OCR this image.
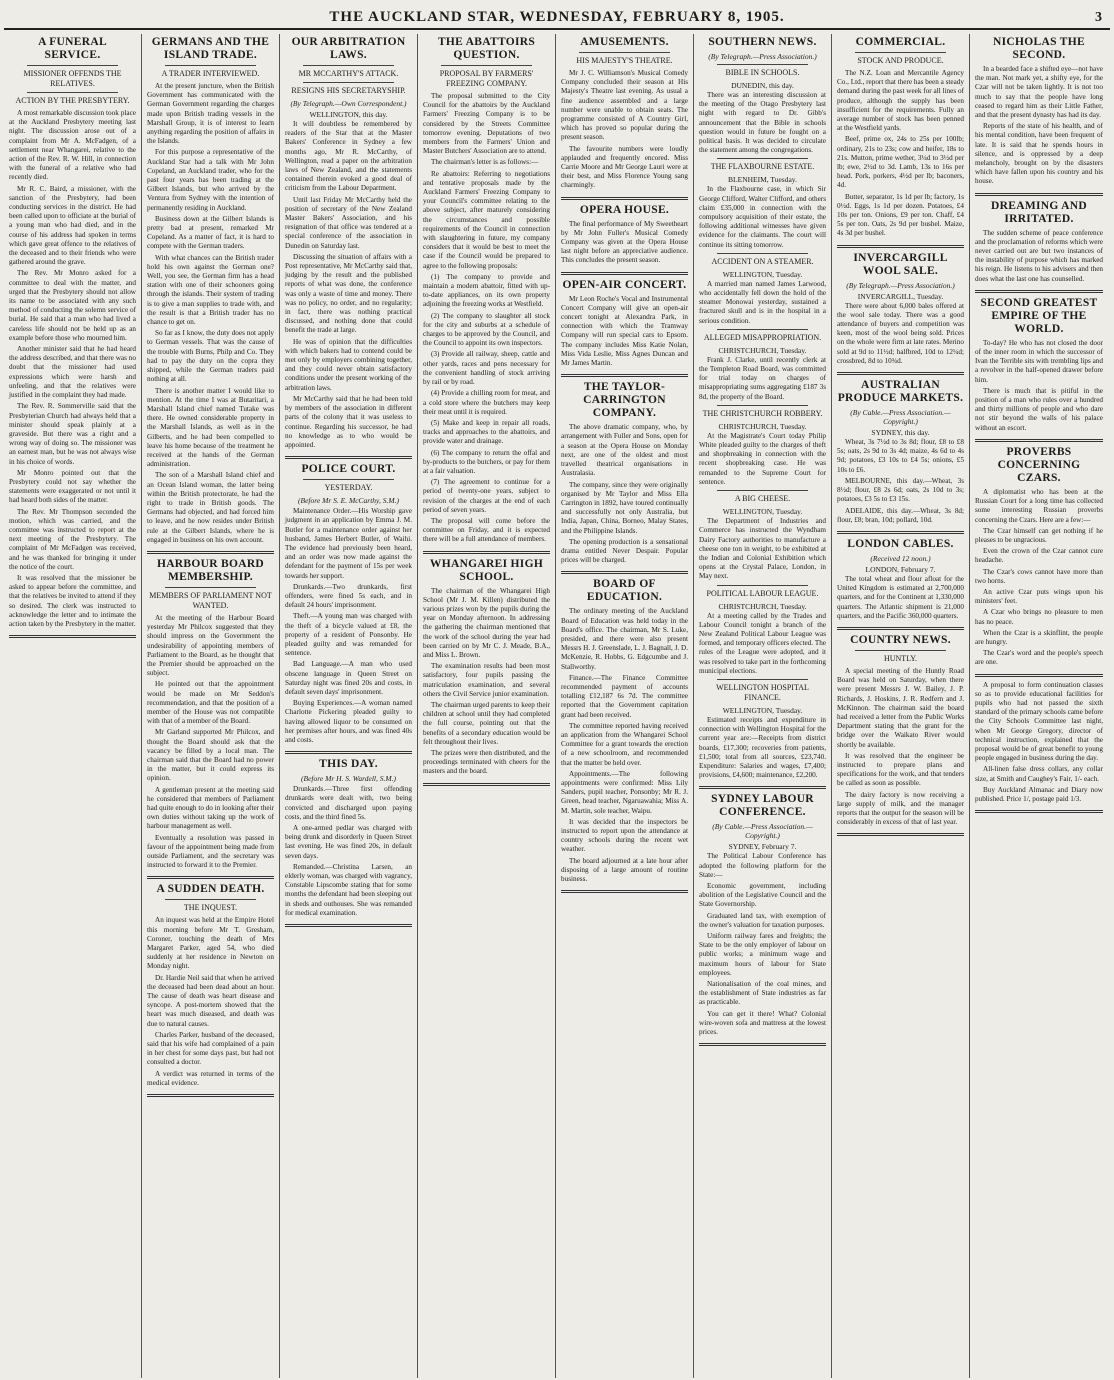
THE AUCKLAND STAR, WEDNESDAY, FEBRUARY 8, 1905.	3
A FUNERAL SERVICE.
MISSIONER OFFENDS THE RELATIVES.
ACTION BY THE PRESBYTERY.

A most remarkable discussion took place at the Auckland Presbytery meeting last night. The discussion arose out of a complaint from Mr A. McFadgen, of a settlement near Whangarei, relative to the action of the Rev. R. W. Hill, in connection with the funeral of a relative who had recently died.

Mr R. C. Baird, a missioner, with the sanction of the Presbytery, had been conducting services in the district. He had been called upon to officiate at the burial of a young man who had died, and in the course of his address had spoken in terms which gave great offence to the relatives of the deceased and to their friends who were gathered around the grave.

The Rev. Mr Monro asked for a committee to deal with the matter, and urged that the Presbytery should not allow its name to be associated with any such method of conducting the solemn service of burial. He said that a man who had lived a careless life should not be held up as an example before those who mourned him.

Another minister said that he had heard the address described, and that there was no doubt that the missioner had used expressions which were harsh and unfeeling, and that the relatives were justified in the complaint they had made.

The Rev. R. Sommerville said that the Presbyterian Church had always held that a minister should speak plainly at a graveside. But there was a right and a wrong way of doing so. The missioner was an earnest man, but he was not always wise in his choice of words.

Mr Monro pointed out that the Presbytery could not say whether the statements were exaggerated or not until it had heard both sides of the matter.

The Rev. Mr Thompson seconded the motion, which was carried, and the committee was instructed to report at the next meeting of the Presbytery. The complaint of Mr McFadgen was received, and he was thanked for bringing it under the notice of the court.

It was resolved that the missioner be asked to appear before the committee, and that the relatives be invited to attend if they so desired. The clerk was instructed to acknowledge the letter and to intimate the action taken by the Presbytery in the matter.

GERMANS AND THE ISLAND TRADE.
A TRADER INTERVIEWED.

At the present juncture, when the British Government has communicated with the German Government regarding the charges made upon British trading vessels in the Marshall Group, it is of interest to learn anything regarding the position of affairs in the Islands.

For this purpose a representative of the Auckland Star had a talk with Mr John Copeland, an Auckland trader, who for the past four years has been trading at the Gilbert Islands, but who arrived by the Ventura from Sydney with the intention of permanently residing in Auckland.

Business down at the Gilbert Islands is pretty bad at present, remarked Mr Copeland. As a matter of fact, it is hard to compete with the German traders.

With what chances can the British trader hold his own against the German one? Well, you see, the German firm has a head station with one of their schooners going through the islands. Their system of trading is to give a man supplies to trade with, and the result is that a British trader has no chance to get on.

So far as I know, the duty does not apply to German vessels. That was the cause of the trouble with Burns, Philp and Co. They had to pay the duty on the copra they shipped, while the German traders paid nothing at all.

There is another matter I would like to mention. At the time I was at Butaritari, a Marshall Island chief named Tutake was there. He owned considerable property in the Marshall Islands, as well as in the Gilberts, and he had been compelled to leave his home because of the treatment he received at the hands of the German administration.

The son of a Marshall Island chief and an Ocean Island woman, the latter being within the British protectorate, he had the right to trade in British goods. The Germans had objected, and had forced him to leave, and he now resides under British rule at the Gilbert Islands, where he is engaged in business on his own account.

HARBOUR BOARD MEMBERSHIP.
MEMBERS OF PARLIAMENT NOT WANTED.

At the meeting of the Harbour Board yesterday Mr Philcox suggested that they should impress on the Government the undesirability of appointing members of Parliament to the Board, as he thought that the Premier should be approached on the subject.

He pointed out that the appointment would be made on Mr Seddon's recommendation, and that the position of a member of the House was not compatible with that of a member of the Board.

Mr Garland supported Mr Philcox, and thought the Board should ask that the vacancy be filled by a local man. The chairman said that the Board had no power in the matter, but it could express its opinion.

A gentleman present at the meeting said he considered that members of Parliament had quite enough to do in looking after their own duties without taking up the work of harbour management as well.

Eventually a resolution was passed in favour of the appointment being made from outside Parliament, and the secretary was instructed to forward it to the Premier.

A SUDDEN DEATH.
THE INQUEST.

An inquest was held at the Empire Hotel this morning before Mr T. Gresham, Coroner, touching the death of Mrs Margaret Parker, aged 54, who died suddenly at her residence in Newton on Monday night.

Dr. Hardie Neil said that when he arrived the deceased had been dead about an hour. The cause of death was heart disease and syncope. A post-mortem showed that the heart was much diseased, and death was due to natural causes.

Charles Parker, husband of the deceased, said that his wife had complained of a pain in her chest for some days past, but had not consulted a doctor.

A verdict was returned in terms of the medical evidence.

OUR ARBITRATION LAWS.
MR MCCARTHY'S ATTACK.
RESIGNS HIS SECRETARYSHIP.
(By Telegraph.—Own Correspondent.)
WELLINGTON, this day.

It will doubtless be remembered by readers of the Star that at the Master Bakers' Conference in Sydney a few months ago, Mr R. McCarthy, of Wellington, read a paper on the arbitration laws of New Zealand, and the statements contained therein evoked a good deal of criticism from the Labour Department.

Until last Friday Mr McCarthy held the position of secretary of the New Zealand Master Bakers' Association, and his resignation of that office was tendered at a special conference of the association in Dunedin on Saturday last.

Discussing the situation of affairs with a Post representative, Mr McCarthy said that, judging by the result and the published reports of what was done, the conference was only a waste of time and money. There was no policy, no order, and no regularity; in fact, there was nothing practical discussed, and nothing done that could benefit the trade at large.

He was of opinion that the difficulties with which bakers had to contend could be met only by employers combining together, and they could never obtain satisfactory conditions under the present working of the arbitration laws.

Mr McCarthy said that he had been told by members of the association in different parts of the colony that it was useless to continue. Regarding his successor, he had no knowledge as to who would be appointed.

POLICE COURT.
YESTERDAY.
(Before Mr S. E. McCarthy, S.M.)

Maintenance Order.—His Worship gave judgment in an application by Emma J. M. Butler for a maintenance order against her husband, James Herbert Butler, of Waihi. The evidence had previously been heard, and an order was now made against the defendant for the payment of 15s per week towards her support.

Drunkards.—Two drunkards, first offenders, were fined 5s each, and in default 24 hours' imprisonment.

Theft.—A young man was charged with the theft of a bicycle valued at £8, the property of a resident of Ponsonby. He pleaded guilty and was remanded for sentence.

Bad Language.—A man who used obscene language in Queen Street on Saturday night was fined 20s and costs, in default seven days' imprisonment.

Buying Experiences.—A woman named Charlotte Pickering pleaded guilty to having allowed liquor to be consumed on her premises after hours, and was fined 40s and costs.

THIS DAY.
(Before Mr H. S. Wardell, S.M.)

Drunkards.—Three first offending drunkards were dealt with, two being convicted and discharged upon paying costs, and the third fined 5s.

A one-armed pedlar was charged with being drunk and disorderly in Queen Street last evening. He was fined 20s, in default seven days.

Remanded.—Christina Larsen, an elderly woman, was charged with vagrancy, Constable Lipscombe stating that for some months the defendant had been sleeping out in sheds and outhouses. She was remanded for medical examination.

THE ABATTOIRS QUESTION.
PROPOSAL BY FARMERS' FREEZING COMPANY.

The proposal submitted to the City Council for the abattoirs by the Auckland Farmers' Freezing Company is to be considered by the Streets Committee tomorrow evening. Deputations of two members from the Farmers' Union and Master Butchers' Association are to attend.

The chairman's letter is as follows:—

Re abattoirs: Referring to negotiations and tentative proposals made by the Auckland Farmers' Freezing Company to your Council's committee relating to the above subject, after maturely considering the circumstances and possible requirements of the Council in connection with slaughtering in future, my company considers that it would be best to meet the case if the Council would be prepared to agree to the following proposals:

(1) The company to provide and maintain a modern abattoir, fitted with up-to-date appliances, on its own property adjoining the freezing works at Westfield.

(2) The company to slaughter all stock for the city and suburbs at a schedule of charges to be approved by the Council, and the Council to appoint its own inspectors.

(3) Provide all railway, sheep, cattle and other yards, races and pens necessary for the convenient handling of stock arriving by rail or by road.

(4) Provide a chilling room for meat, and a cold store where the butchers may keep their meat until it is required.

(5) Make and keep in repair all roads, tracks and approaches to the abattoirs, and provide water and drainage.

(6) The company to return the offal and by-products to the butchers, or pay for them at a fair valuation.

(7) The agreement to continue for a period of twenty-one years, subject to revision of the charges at the end of each period of seven years.

The proposal will come before the committee on Friday, and it is expected there will be a full attendance of members.

WHANGAREI HIGH SCHOOL.

The chairman of the Whangarei High School (Mr J. M. Killen) distributed the various prizes won by the pupils during the year on Monday afternoon. In addressing the gathering the chairman mentioned that the work of the school during the year had been carried on by Mr C. J. Meade, B.A., and Miss L. Brown.

The examination results had been most satisfactory, four pupils passing the matriculation examination, and several others the Civil Service junior examination.

The chairman urged parents to keep their children at school until they had completed the full course, pointing out that the benefits of a secondary education would be felt throughout their lives.

The prizes were then distributed, and the proceedings terminated with cheers for the masters and the board.

AMUSEMENTS.
HIS MAJESTY'S THEATRE.

Mr J. C. Williamson's Musical Comedy Company concluded their season at His Majesty's Theatre last evening. As usual a fine audience assembled and a large number were unable to obtain seats. The programme consisted of A Country Girl, which has proved so popular during the present season.

The favourite numbers were loudly applauded and frequently encored. Miss Carrie Moore and Mr George Lauri were at their best, and Miss Florence Young sang charmingly.

OPERA HOUSE.

The final performance of My Sweetheart by Mr John Fuller's Musical Comedy Company was given at the Opera House last night before an appreciative audience. This concludes the present season.

OPEN-AIR CONCERT.

Mr Leon Roche's Vocal and Instrumental Concert Company will give an open-air concert tonight at Alexandra Park, in connection with which the Tramway Company will run special cars to Epsom. The company includes Miss Katie Nolan, Miss Vida Leslie, Miss Agnes Duncan and Mr James Martin.

THE TAYLOR-CARRINGTON COMPANY.

The above dramatic company, who, by arrangement with Fuller and Sons, open for a season at the Opera House on Monday next, are one of the oldest and most travelled theatrical organisations in Australasia.

The company, since they were originally organised by Mr Taylor and Miss Ella Carrington in 1892, have toured continually and successfully not only Australia, but India, Japan, China, Borneo, Malay States, and the Philippine Islands.

The opening production is a sensational drama entitled Never Despair. Popular prices will be charged.

BOARD OF EDUCATION.

The ordinary meeting of the Auckland Board of Education was held today in the Board's office. The chairman, Mr S. Luke, presided, and there were also present Messrs H. J. Greenslade, L. J. Bagnall, J. D. McKenzie, R. Hobbs, G. Edgcumbe and J. Stallworthy.

Finance.—The Finance Committee recommended payment of accounts totalling £12,187 6s 7d. The committee reported that the Government capitation grant had been received.

The committee reported having received an application from the Whangarei School Committee for a grant towards the erection of a new schoolroom, and recommended that the matter be held over.

Appointments.—The following appointments were confirmed: Miss Lily Sanders, pupil teacher, Ponsonby; Mr R. J. Green, head teacher, Ngaruawahia; Miss A. M. Martin, sole teacher, Waipu.

It was decided that the inspectors be instructed to report upon the attendance at country schools during the recent wet weather.

The board adjourned at a late hour after disposing of a large amount of routine business.

SOUTHERN NEWS.
(By Telegraph.—Press Association.)
BIBLE IN SCHOOLS.
DUNEDIN, this day.

There was an interesting discussion at the meeting of the Otago Presbytery last night with regard to Dr. Gibb's announcement that the Bible in schools question would in future be fought on a political basis. It was decided to circulate the statement among the congregations.

THE FLAXBOURNE ESTATE.
BLENHEIM, Tuesday.

In the Flaxbourne case, in which Sir George Clifford, Walter Clifford, and others claim £35,000 in connection with the compulsory acquisition of their estate, the following additional witnesses have given evidence for the claimants. The court will continue its sitting tomorrow.

ACCIDENT ON A STEAMER.
WELLINGTON, Tuesday.

A married man named James Larwood, who accidentally fell down the hold of the steamer Monowai yesterday, sustained a fractured skull and is in the hospital in a serious condition.

ALLEGED MISAPPROPRIATION.
CHRISTCHURCH, Tuesday.

Frank J. Clarke, until recently clerk at the Templeton Road Board, was committed for trial today on charges of misappropriating sums aggregating £187 3s 8d, the property of the Board.

THE CHRISTCHURCH ROBBERY.
CHRISTCHURCH, Tuesday.

At the Magistrate's Court today Philip White pleaded guilty to the charges of theft and shopbreaking in connection with the recent shopbreaking case. He was remanded to the Supreme Court for sentence.

A BIG CHEESE.
WELLINGTON, Tuesday.

The Department of Industries and Commerce has instructed the Wyndham Dairy Factory authorities to manufacture a cheese one ton in weight, to be exhibited at the Indian and Colonial Exhibition which opens at the Crystal Palace, London, in May next.

POLITICAL LABOUR LEAGUE.
CHRISTCHURCH, Tuesday.

At a meeting called by the Trades and Labour Council tonight a branch of the New Zealand Political Labour League was formed, and temporary officers elected. The rules of the League were adopted, and it was resolved to take part in the forthcoming municipal elections.

WELLINGTON HOSPITAL FINANCE.
WELLINGTON, Tuesday.

Estimated receipts and expenditure in connection with Wellington Hospital for the current year are:—Receipts from district boards, £17,300; recoveries from patients, £1,500; total from all sources, £23,740. Expenditure: Salaries and wages, £7,400; provisions, £4,600; maintenance, £2,200.

SYDNEY LABOUR CONFERENCE.
(By Cable.—Press Association.—Copyright.)
SYDNEY, February 7.

The Political Labour Conference has adopted the following platform for the State:—

Economic government, including abolition of the Legislative Council and the State Governorship.

Graduated land tax, with exemption of the owner's valuation for taxation purposes.

Uniform railway fares and freights; the State to be the only employer of labour on public works; a minimum wage and maximum hours of labour for State employees.

Nationalisation of the coal mines, and the establishment of State industries as far as practicable.

You can get it there! What? Colonial wire-woven sofa and mattress at the lowest prices.

COMMERCIAL.
STOCK AND PRODUCE.

The N.Z. Loan and Mercantile Agency Co., Ltd., report that there has been a steady demand during the past week for all lines of produce, although the supply has been insufficient for the requirements. Fully an average number of stock has been penned at the Westfield yards.

Beef, prime ox, 24s to 25s per 100lb; ordinary, 21s to 23s; cow and heifer, 18s to 21s. Mutton, prime wether, 3¼d to 3½d per lb; ewe, 2½d to 3d. Lamb, 13s to 16s per head. Pork, porkers, 4½d per lb; baconers, 4d.

Butter, separator, 1s 1d per lb; factory, 1s 0½d. Eggs, 1s 1d per dozen. Potatoes, £4 10s per ton. Onions, £9 per ton. Chaff, £4 5s per ton. Oats, 2s 9d per bushel. Maize, 4s 3d per bushel.

INVERCARGILL WOOL SALE.
(By Telegraph.—Press Association.)
INVERCARGILL, Tuesday.

There were about 6,000 bales offered at the wool sale today. There was a good attendance of buyers and competition was keen, most of the wool being sold. Prices on the whole were firm at late rates. Merino sold at 9d to 11½d; halfbred, 10d to 12¼d; crossbred, 8d to 10¾d.

AUSTRALIAN PRODUCE MARKETS.
(By Cable.—Press Association.—Copyright.)
SYDNEY, this day.

Wheat, 3s 7½d to 3s 8d; flour, £8 to £8 5s; oats, 2s 9d to 3s 4d; maize, 4s 6d to 4s 9d; potatoes, £3 10s to £4 5s; onions, £5 10s to £6.

MELBOURNE, this day.—Wheat, 3s 8½d; flour, £8 2s 6d; oats, 2s 10d to 3s; potatoes, £3 5s to £3 15s.

ADELAIDE, this day.—Wheat, 3s 8d; flour, £8; bran, 10d; pollard, 10d.

LONDON CABLES.
(Received 12 noon.)
LONDON, February 7.

The total wheat and flour afloat for the United Kingdom is estimated at 2,700,000 quarters, and for the Continent at 1,330,000 quarters. The Atlantic shipment is 21,000 quarters, and the Pacific 360,000 quarters.

COUNTRY NEWS.
HUNTLY.

A special meeting of the Huntly Road Board was held on Saturday, when there were present Messrs J. W. Bailey, J. P. Richards, J. Hoskins, J. R. Redfern and J. McKinnon. The chairman said the board had received a letter from the Public Works Department stating that the grant for the bridge over the Waikato River would shortly be available.

It was resolved that the engineer be instructed to prepare plans and specifications for the work, and that tenders be called as soon as possible.

The dairy factory is now receiving a large supply of milk, and the manager reports that the output for the season will be considerably in excess of that of last year.

NICHOLAS THE SECOND.

In a bearded face a shifted eye—not have the man. Not mark yet, a shifty eye, for the Czar will not be taken lightly. It is not too much to say that the people have long ceased to regard him as their Little Father, and that the present dynasty has had its day.

Reports of the state of his health, and of his mental condition, have been frequent of late. It is said that he spends hours in silence, and is oppressed by a deep melancholy, brought on by the disasters which have fallen upon his country and his house.

DREAMING AND IRRITATED.

The sudden scheme of peace conference and the proclamation of reforms which were never carried out are but two instances of the instability of purpose which has marked his reign. He listens to his advisers and then does what the last one has counselled.

SECOND GREATEST EMPIRE OF THE WORLD.

To-day? He who has not closed the door of the inner room in which the successor of Ivan the Terrible sits with trembling lips and a revolver in the half-opened drawer before him.

There is much that is pitiful in the position of a man who rules over a hundred and thirty millions of people and who dare not stir beyond the walls of his palace without an escort.

PROVERBS CONCERNING CZARS.

A diplomatist who has been at the Russian Court for a long time has collected some interesting Russian proverbs concerning the Czars. Here are a few:—

The Czar himself can get nothing if he pleases to be ungracious.

Even the crown of the Czar cannot cure headache.

The Czar's cows cannot have more than two horns.

An active Czar puts wings upon his ministers' feet.

A Czar who brings no pleasure to men has no peace.

When the Czar is a skinflint, the people are hungry.

The Czar's word and the people's speech are one.

A proposal to form continuation classes so as to provide educational facilities for pupils who had not passed the sixth standard of the primary schools came before the City Schools Committee last night, when Mr George Gregory, director of technical instruction, explained that the proposal would be of great benefit to young people engaged in business during the day.

All-linen false dress collars, any collar size, at Smith and Caughey's Fair, 1/- each.

Buy Auckland Almanac and Diary now published. Price 1/, postage paid 1/3.
